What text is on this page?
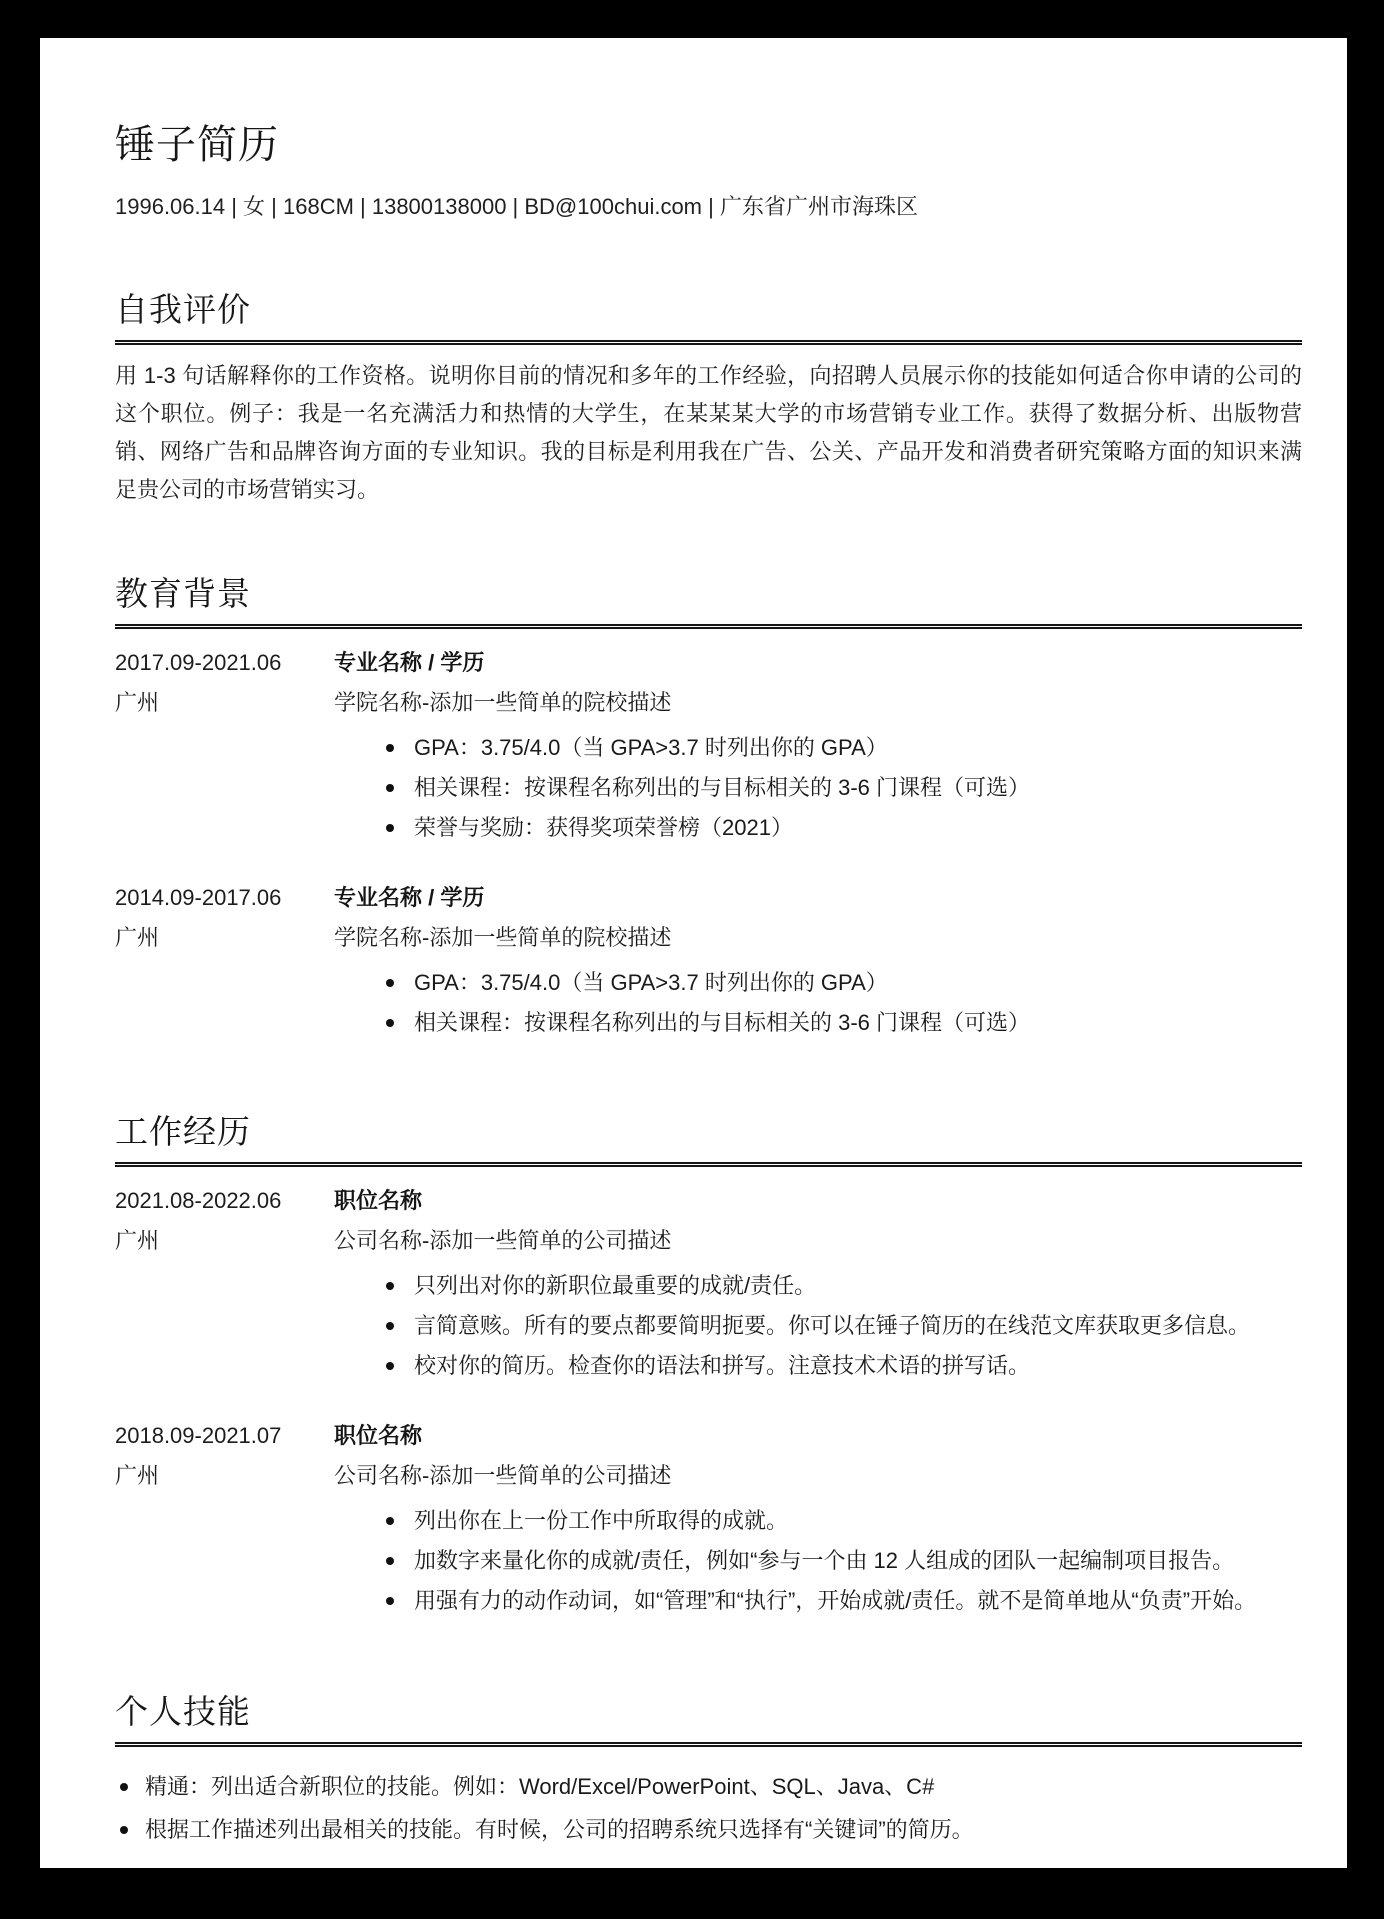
锤子简历
1996.06.14 | 女 | 168CM | 13800138000 | BD@100chui.com | 广东省广州市海珠区
自我评价

用 1-3 句话解释你的工作资格。说明你目前的情况和多年的工作经验，向招聘人员展示你的技能如何适合你申请的公司的这个职位。例子：我是一名充满活力和热情的大学生，在某某某大学的市场营销专业工作。获得了数据分析、出版物营销、网络广告和品牌咨询方面的专业知识。我的目标是利用我在广告、公关、产品开发和消费者研究策略方面的知识来满足贵公司的市场营销实习。

教育背景
2017.09-2021.06
广州
专业名称 / 学历
学院名称-添加一些简单的院校描述
GPA：3.75/4.0（当 GPA>3.7 时列出你的 GPA）
相关课程：按课程名称列出的与目标相关的 3-6 门课程（可选）
荣誉与奖励：获得奖项荣誉榜（2021）
2014.09-2017.06
广州
专业名称 / 学历
学院名称-添加一些简单的院校描述
GPA：3.75/4.0（当 GPA>3.7 时列出你的 GPA）
相关课程：按课程名称列出的与目标相关的 3-6 门课程（可选）
工作经历
2021.08-2022.06
广州
职位名称
公司名称-添加一些简单的公司描述
只列出对你的新职位最重要的成就/责任。
言简意赅。所有的要点都要简明扼要。你可以在锤子简历的在线范文库获取更多信息。
校对你的简历。检查你的语法和拼写。注意技术术语的拼写话。
2018.09-2021.07
广州
职位名称
公司名称-添加一些简单的公司描述
列出你在上一份工作中所取得的成就。
加数字来量化你的成就/责任，例如“参与一个由 12 人组成的团队一起编制项目报告。
用强有力的动作动词，如“管理”和“执行”，开始成就/责任。就不是简单地从“负责”开始。
个人技能
精通：列出适合新职位的技能。例如：Word/Excel/PowerPoint、SQL、Java、C#
根据工作描述列出最相关的技能。有时候，公司的招聘系统只选择有“关键词”的简历。
